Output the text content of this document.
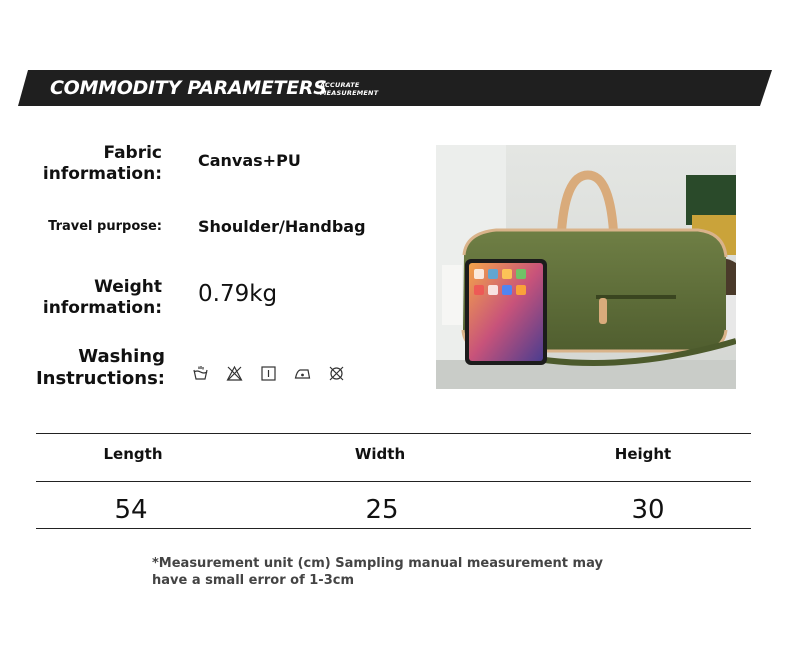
COMMODITY PARAMETERS
ACCURATE MEASUREMENT
Fabric information:
Canvas+PU
Travel purpose: Shoulder/Handbag
Weight information:
0.79kg
Washing Instructions:
Length	Width	Height
54	25	30
*Measurement unit (cm) Sampling manual measurement may have a small error of 1-3cm
